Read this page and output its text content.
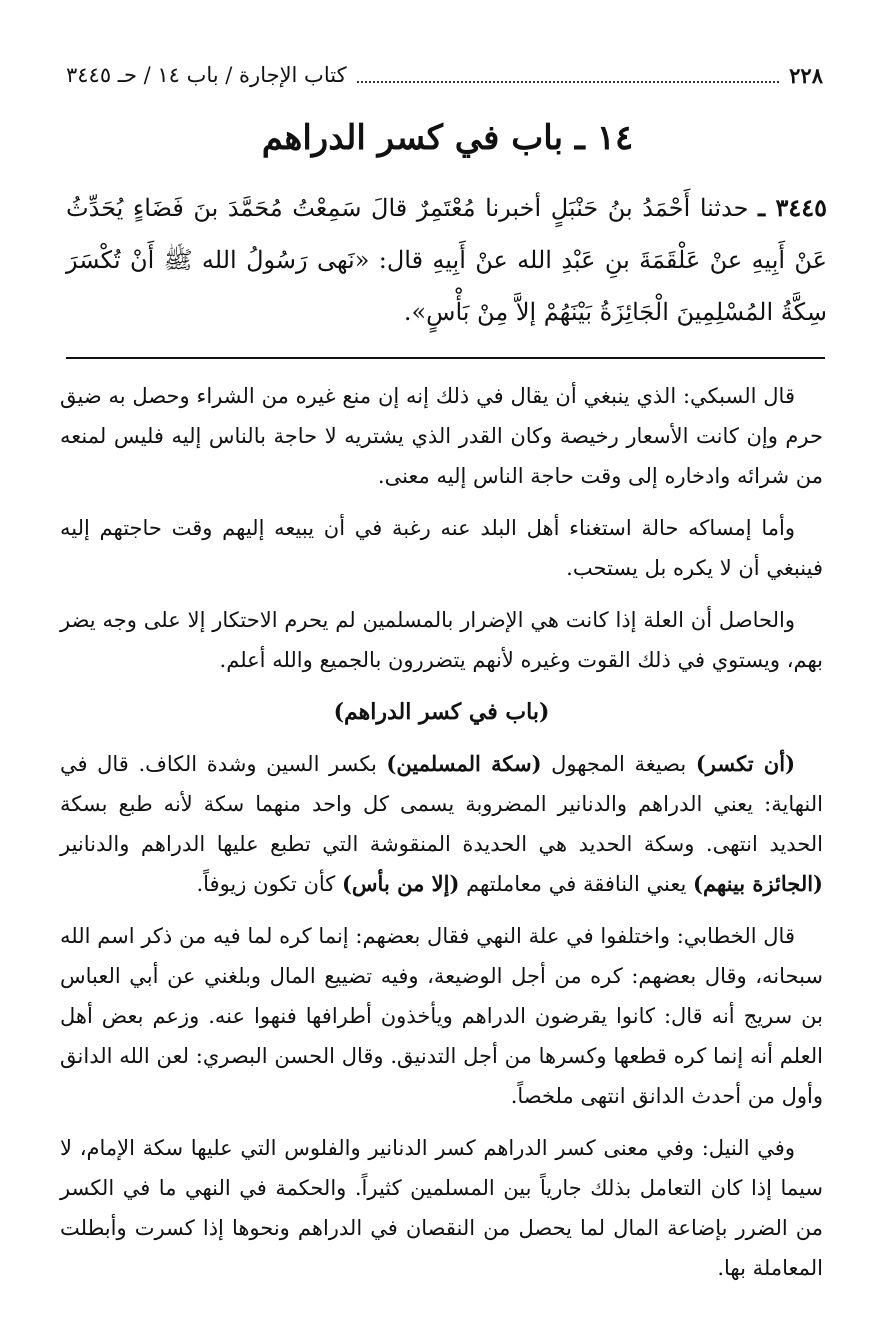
٢٢٨
كتاب الإجارة / باب ١٤ / حـ ٣٤٤٥
١٤ ـ باب في كسر الدراهم
٣٤٤٥ ـ حدثنا أَحْمَدُ بنُ حَنْبَلٍ أخبرنا مُعْتَمِرٌ قالَ سَمِعْتُ مُحَمَّدَ بنَ فَضَاءٍ يُحَدِّثُ عَنْ أَبِيهِ عنْ عَلْقَمَةَ بنِ عَبْدِ الله عنْ أَبِيهِ قال: «نَهى رَسُولُ الله ﷺ أَنْ تُكْسَرَ سِكَّةُ المُسْلِمِينَ الْجَائِزَةُ بَيْنَهُمْ إلاَّ مِنْ بَأْسٍ».

قال السبكي: الذي ينبغي أن يقال في ذلك إنه إن منع غيره من الشراء وحصل به ضيق حرم وإن كانت الأسعار رخيصة وكان القدر الذي يشتريه لا حاجة بالناس إليه فليس لمنعه من شرائه وادخاره إلى وقت حاجة الناس إليه معنى.

وأما إمساكه حالة استغناء أهل البلد عنه رغبة في أن يبيعه إليهم وقت حاجتهم إليه فينبغي أن لا يكره بل يستحب.

والحاصل أن العلة إذا كانت هي الإضرار بالمسلمين لم يحرم الاحتكار إلا على وجه يضر بهم، ويستوي في ذلك القوت وغيره لأنهم يتضررون بالجميع والله أعلم.

(باب في كسر الدراهم)

(أن تكسر) بصيغة المجهول (سكة المسلمين) بكسر السين وشدة الكاف. قال في النهاية: يعني الدراهم والدنانير المضروبة يسمى كل واحد منهما سكة لأنه طبع بسكة الحديد انتهى. وسكة الحديد هي الحديدة المنقوشة التي تطبع عليها الدراهم والدنانير (الجائزة بينهم) يعني النافقة في معاملتهم (إلا من بأس) كأن تكون زيوفاً.

قال الخطابي: واختلفوا في علة النهي فقال بعضهم: إنما كره لما فيه من ذكر اسم الله سبحانه، وقال بعضهم: كره من أجل الوضيعة، وفيه تضييع المال وبلغني عن أبي العباس بن سريج أنه قال: كانوا يقرضون الدراهم ويأخذون أطرافها فنهوا عنه. وزعم بعض أهل العلم أنه إنما كره قطعها وكسرها من أجل التدنيق. وقال الحسن البصري: لعن الله الدانق وأول من أحدث الدانق انتهى ملخصاً.

وفي النيل: وفي معنى كسر الدراهم كسر الدنانير والفلوس التي عليها سكة الإمام، لا سيما إذا كان التعامل بذلك جارياً بين المسلمين كثيراً. والحكمة في النهي ما في الكسر من الضرر بإضاعة المال لما يحصل من النقصان في الدراهم ونحوها إذا كسرت وأبطلت المعاملة بها.
